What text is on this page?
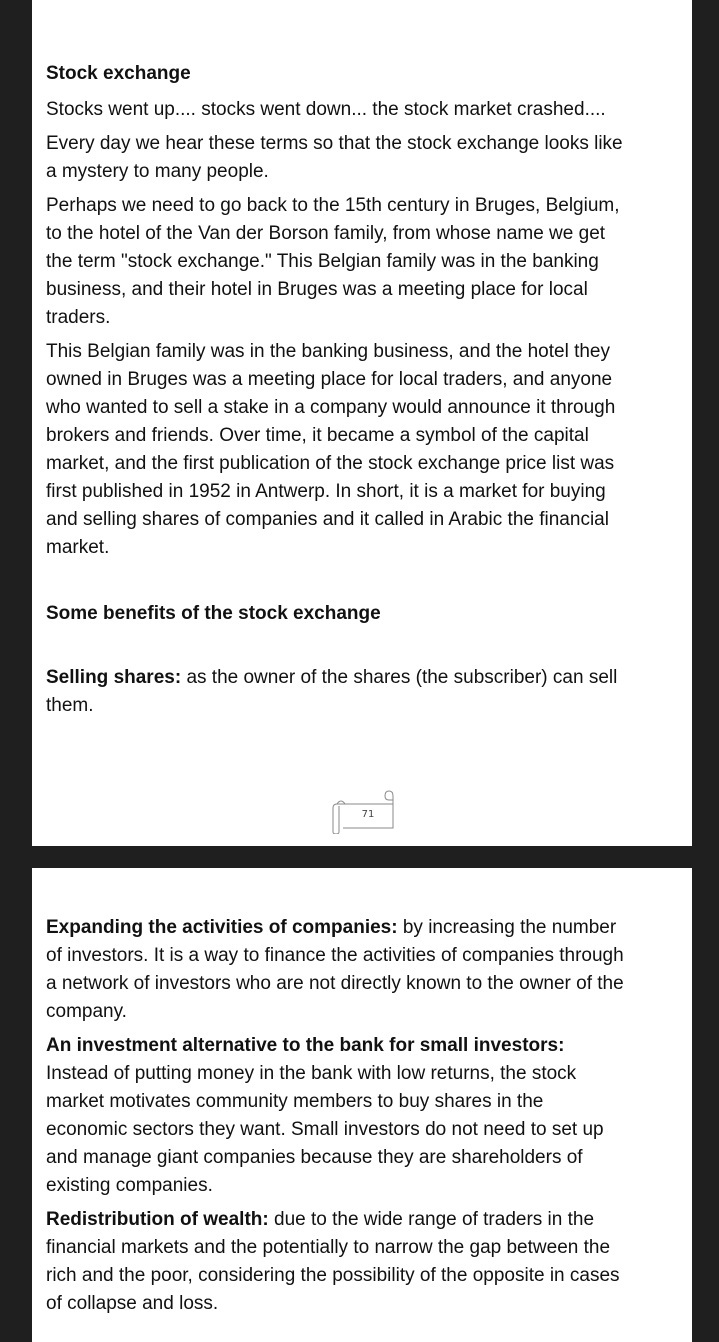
Stock exchange

Stocks went up.... stocks went down... the stock market crashed....

Every day we hear these terms so that the stock exchange looks like a mystery to many people.

Perhaps we need to go back to the 15th century in Bruges, Belgium, to the hotel of the Van der Borson family, from whose name we get the term "stock exchange." This Belgian family was in the banking business, and their hotel in Bruges was a meeting place for local traders.

This Belgian family was in the banking business, and the hotel they owned in Bruges was a meeting place for local traders, and anyone who wanted to sell a stake in a company would announce it through brokers and friends. Over time, it became a symbol of the capital market, and the first publication of the stock exchange price list was first published in 1952 in Antwerp. In short, it is a market for buying and selling shares of companies and it called in Arabic the financial market.

Some benefits of the stock exchange

Selling shares: as the owner of the shares (the subscriber) can sell them.

71

Expanding the activities of companies: by increasing the number of investors. It is a way to finance the activities of companies through a network of investors who are not directly known to the owner of the company.

An investment alternative to the bank for small investors: Instead of putting money in the bank with low returns, the stock market motivates community members to buy shares in the economic sectors they want. Small investors do not need to set up and manage giant companies because they are shareholders of existing companies.

Redistribution of wealth: due to the wide range of traders in the financial markets and the potentially to narrow the gap between the rich and the poor, considering the possibility of the opposite in cases of collapse and loss.
